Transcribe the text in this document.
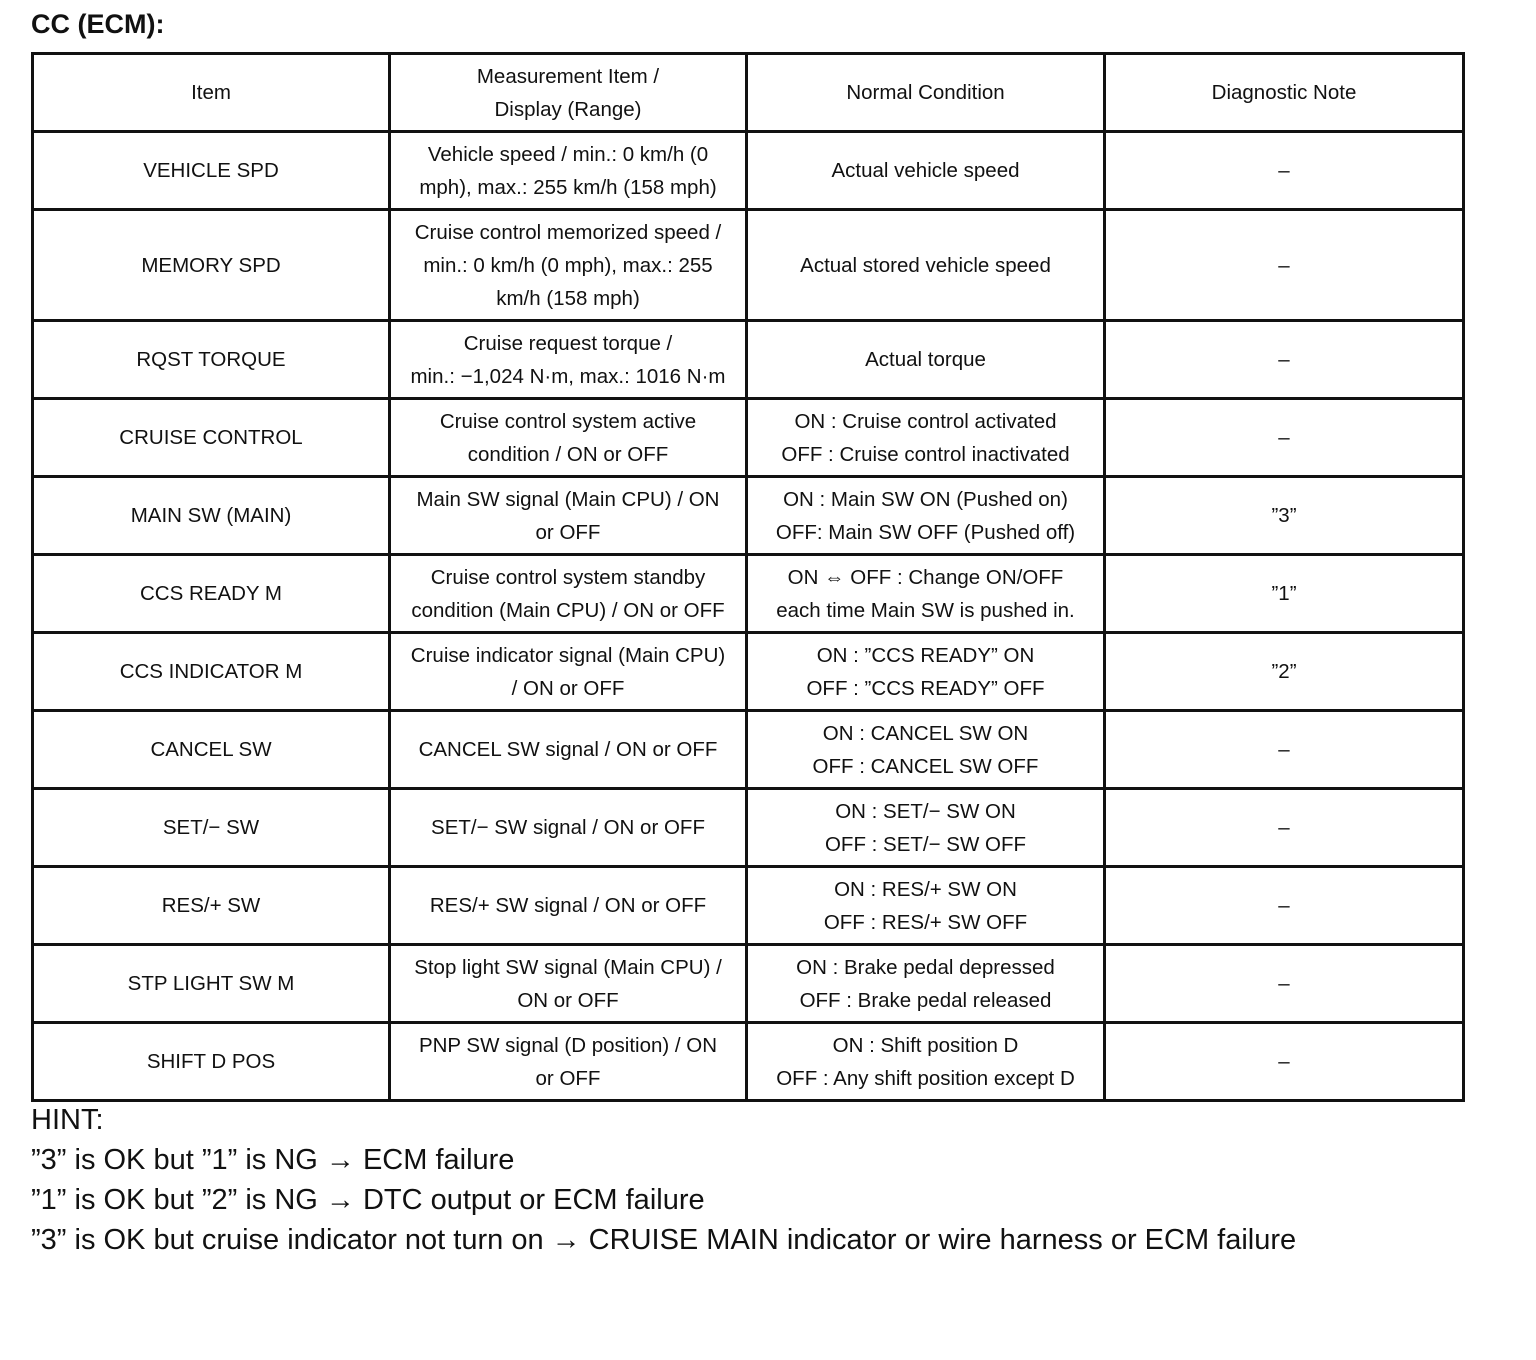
CC (ECM):
Item	Measurement Item /
Display (Range)	Normal Condition	Diagnostic Note
VEHICLE SPD	Vehicle speed / min.: 0 km/h (0
mph), max.: 255 km/h (158 mph)	Actual vehicle speed	–
MEMORY SPD	Cruise control memorized speed /
min.: 0 km/h (0 mph), max.: 255
km/h (158 mph)	Actual stored vehicle speed	–
RQST TORQUE	Cruise request torque /
min.: −1,024 N·m, max.: 1016 N·m	Actual torque	–
CRUISE CONTROL	Cruise control system active
condition / ON or OFF	ON : Cruise control activated
OFF : Cruise control inactivated	–
MAIN SW (MAIN)	Main SW signal (Main CPU) / ON
or OFF	ON : Main SW ON (Pushed on)
OFF: Main SW OFF (Pushed off)	”3”
CCS READY M	Cruise control system standby
condition (Main CPU) / ON or OFF	ON ⇔ OFF : Change ON/OFF
each time Main SW is pushed in.	”1”
CCS INDICATOR M	Cruise indicator signal (Main CPU)
/ ON or OFF	ON : ”CCS READY” ON
OFF : ”CCS READY” OFF	”2”
CANCEL SW	CANCEL SW signal / ON or OFF	ON : CANCEL SW ON
OFF : CANCEL SW OFF	–
SET/− SW	SET/− SW signal / ON or OFF	ON : SET/− SW ON
OFF : SET/− SW OFF	–
RES/+ SW	RES/+ SW signal / ON or OFF	ON : RES/+ SW ON
OFF : RES/+ SW OFF	–
STP LIGHT SW M	Stop light SW signal (Main CPU) /
ON or OFF	ON : Brake pedal depressed
OFF : Brake pedal released	–
SHIFT D POS	PNP SW signal (D position) / ON
or OFF	ON : Shift position D
OFF : Any shift position except D	–
HINT:
”3” is OK but ”1” is NG → ECM failure
”1” is OK but ”2” is NG → DTC output or ECM failure
”3” is OK but cruise indicator not turn on → CRUISE MAIN indicator or wire harness or ECM failure
